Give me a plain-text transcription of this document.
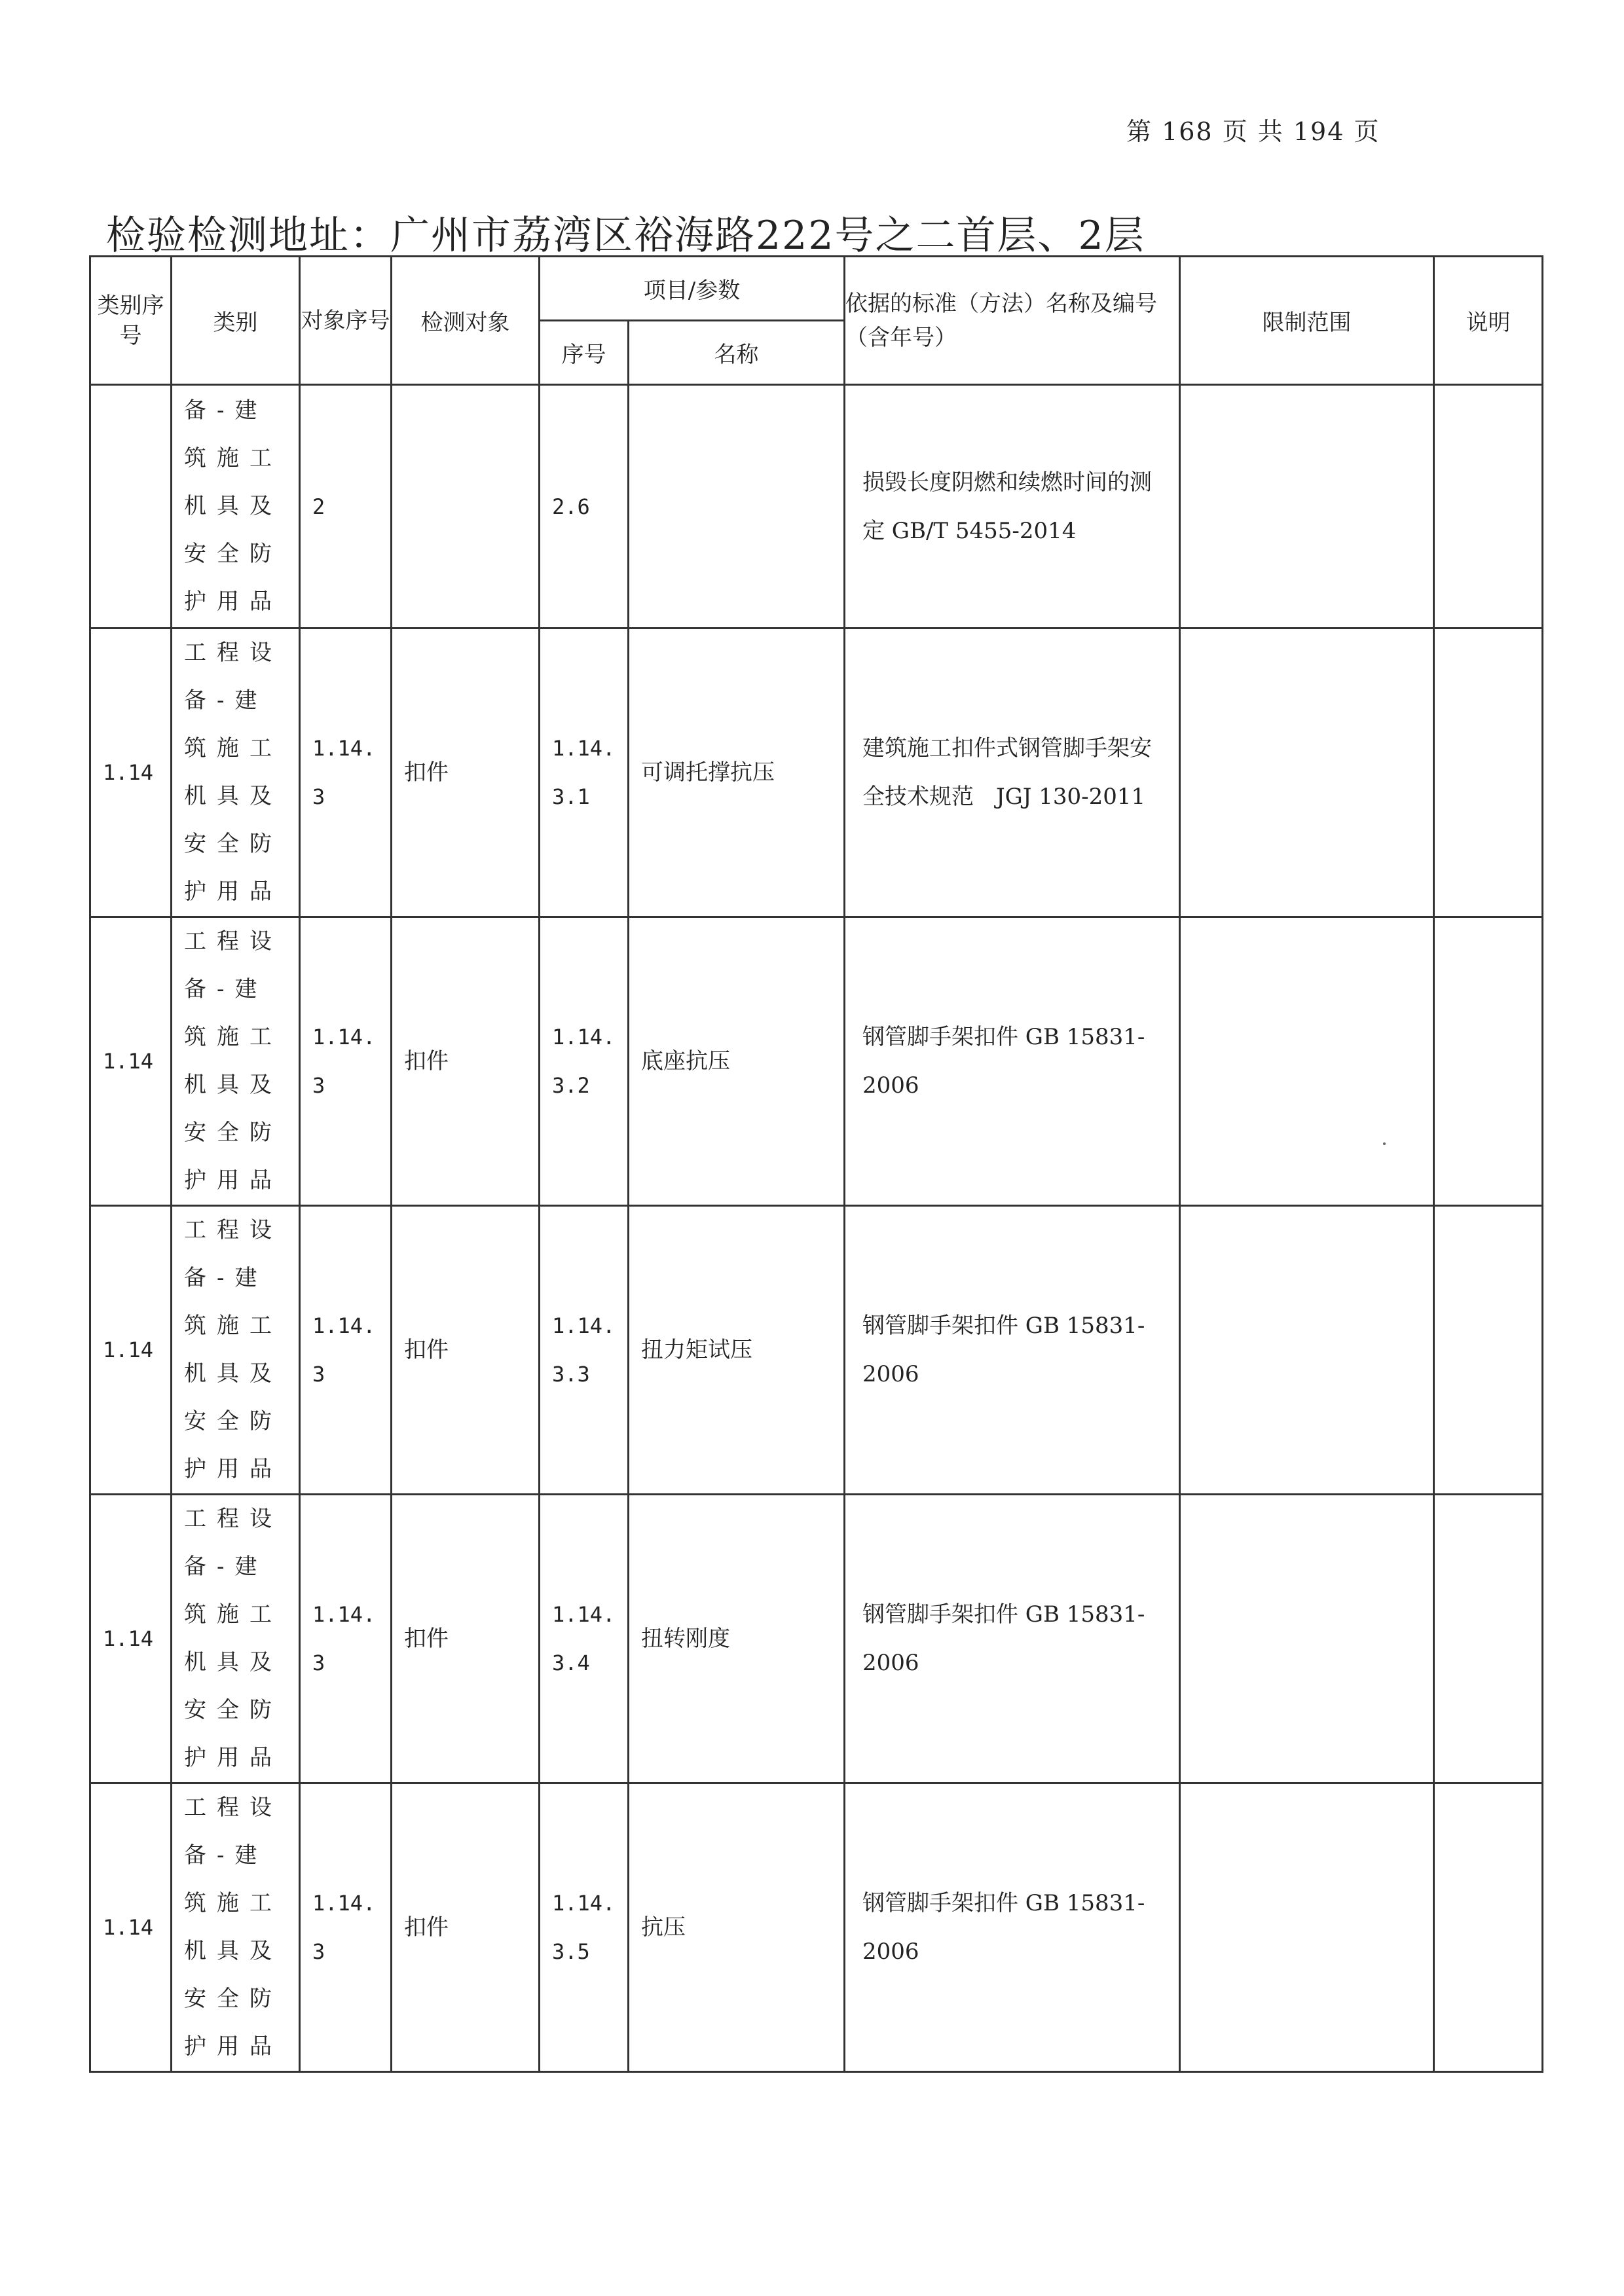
第 168 页 共 194 页
检验检测地址：广州市荔湾区裕海路222号之二首层、2层
类别序号	类别	对象序号	检测对象	项目/参数		依据的标准（方法）名称及编号（含年号）	限制范围	说明
				序号	名称			

	备-建筑施工机具及安全防护用品	2		2.6		损毁长度阴燃和续燃时间的测定 GB/T 5455-2014		

1.14	工程设备-建筑施工机具及安全防护用品	1.14.3	扣件	1.14.3.1	可调托撑抗压	建筑施工扣件式钢管脚手架安全技术规范　JGJ 130-2011		

1.14	工程设备-建筑施工机具及安全防护用品	1.14.3	扣件	1.14.3.2	底座抗压	钢管脚手架扣件 GB 15831-2006		

1.14	工程设备-建筑施工机具及安全防护用品	1.14.3	扣件	1.14.3.3	扭力矩试压	钢管脚手架扣件 GB 15831-2006		

1.14	工程设备-建筑施工机具及安全防护用品	1.14.3	扣件	1.14.3.4	扭转刚度	钢管脚手架扣件 GB 15831-2006		

1.14	工程设备-建筑施工机具及安全防护用品	1.14.3	扣件	1.14.3.5	抗压	钢管脚手架扣件 GB 15831-2006		
